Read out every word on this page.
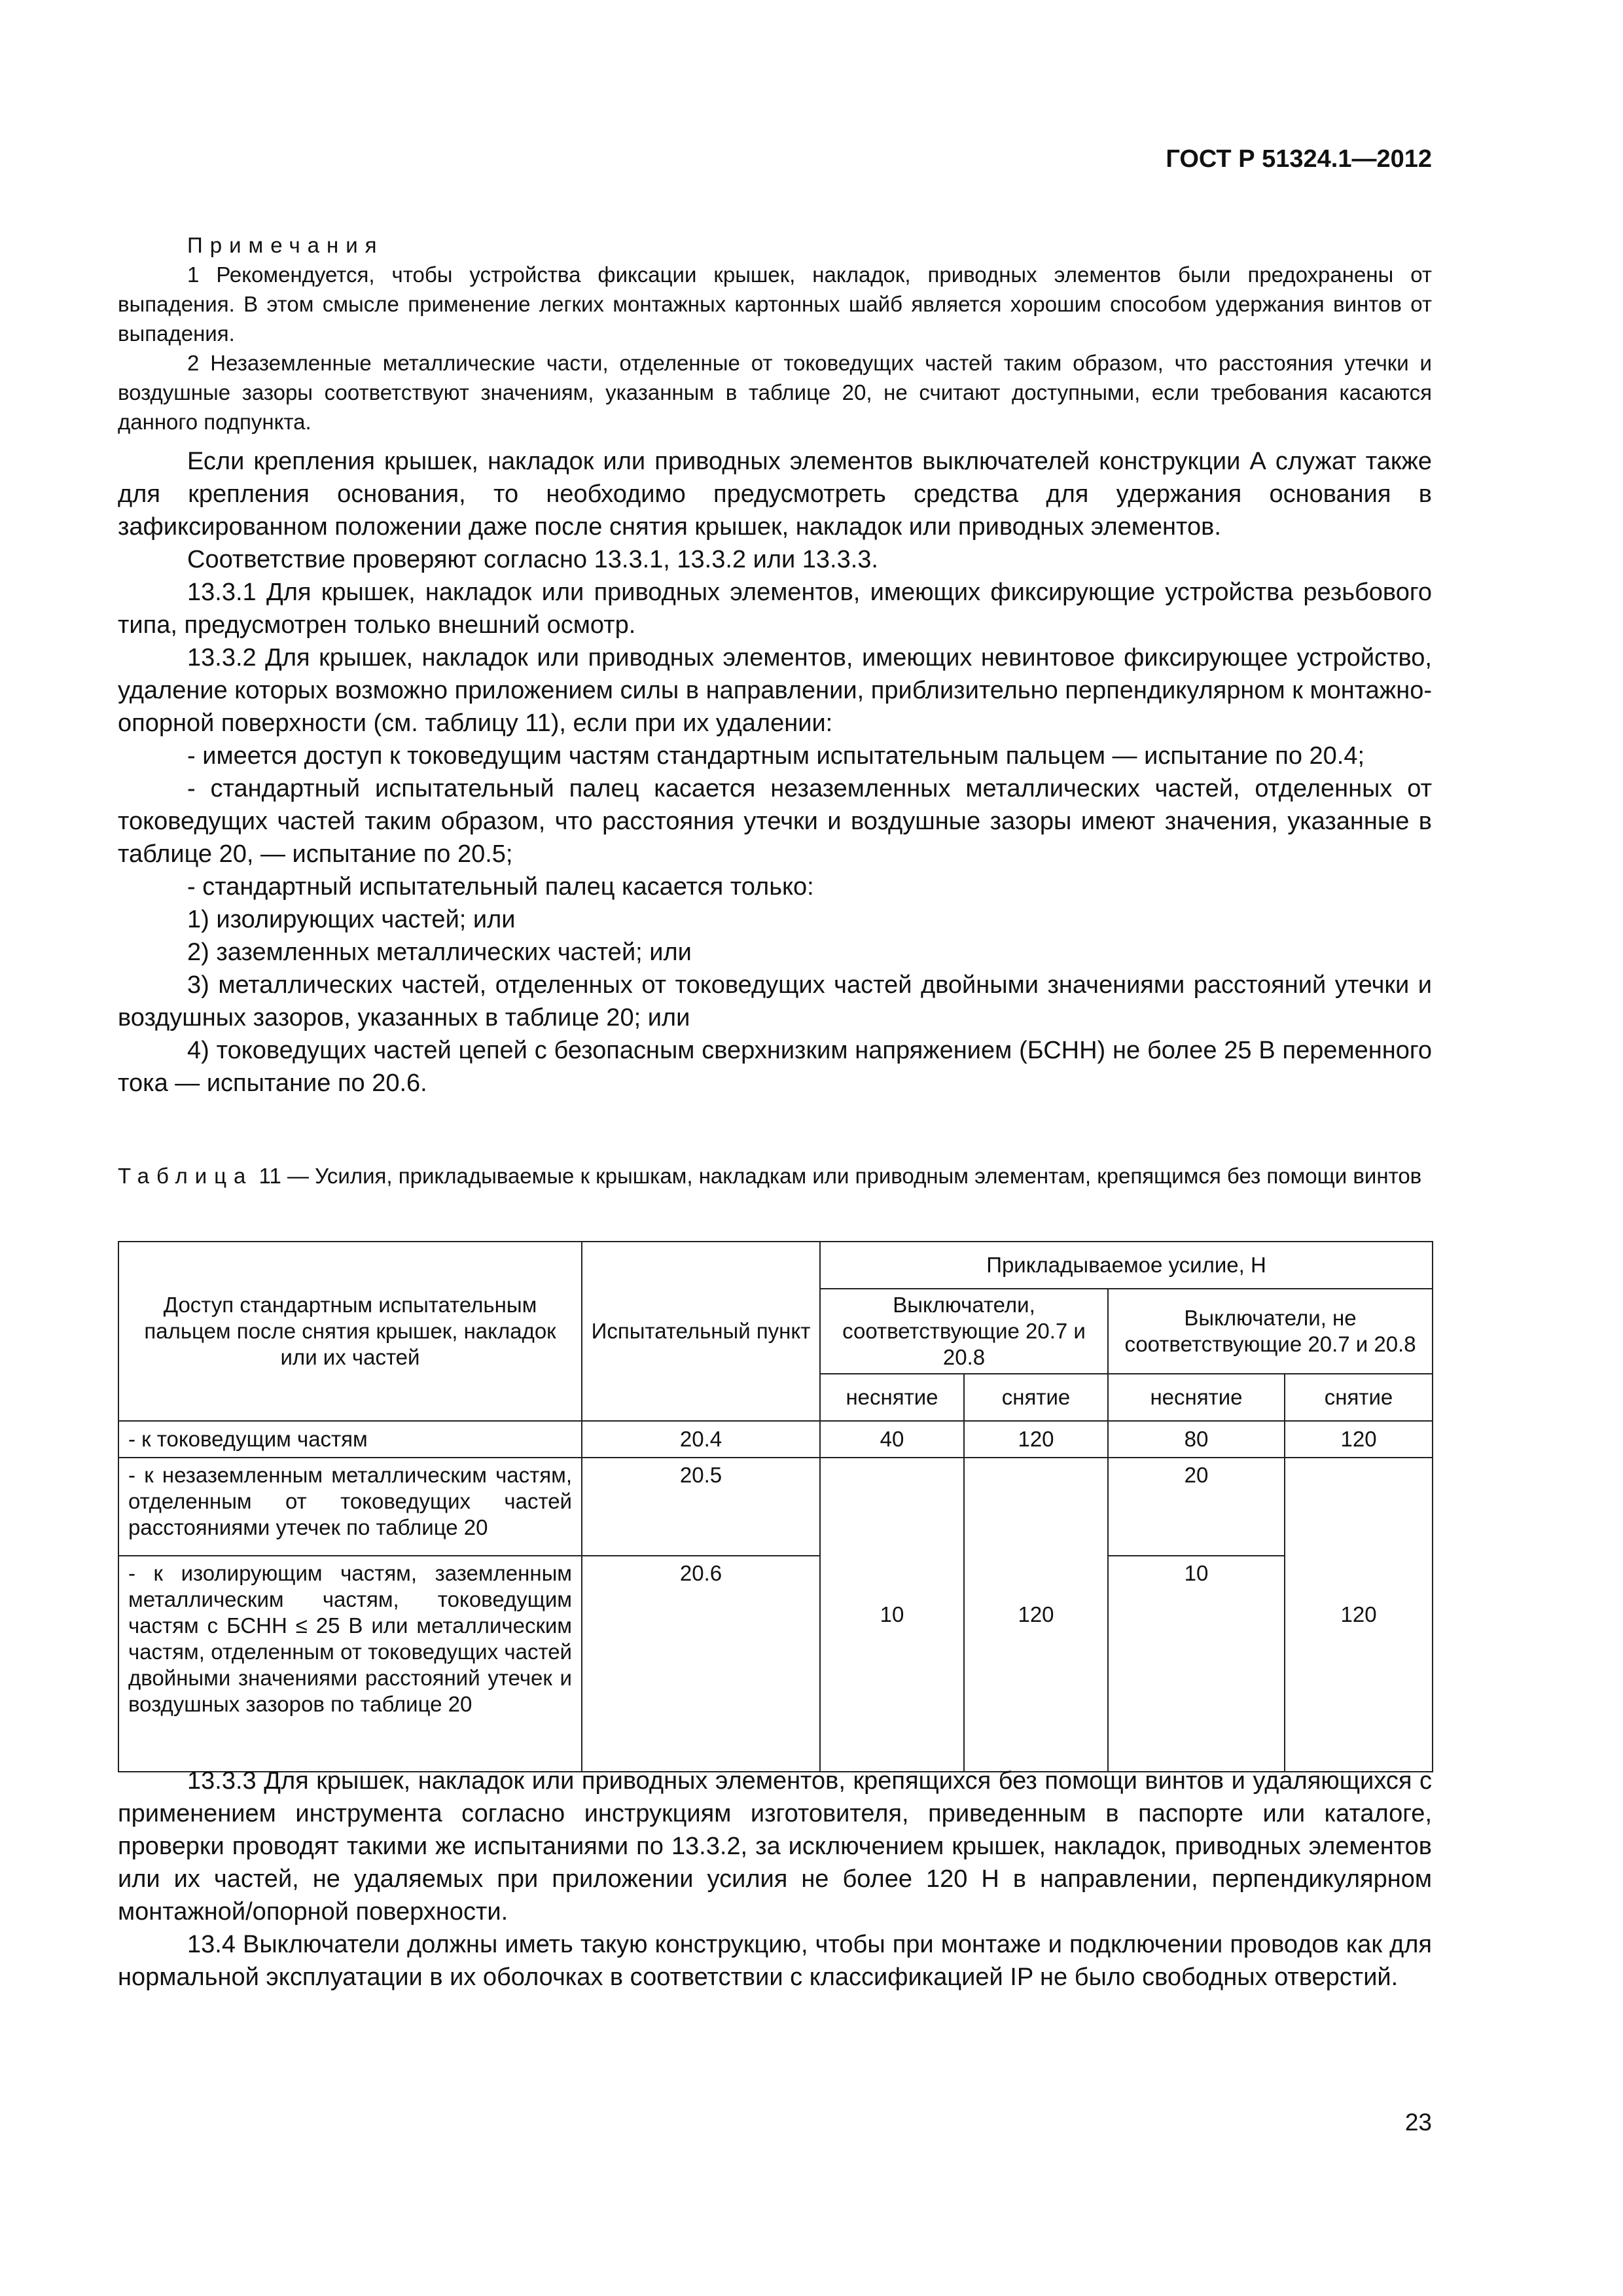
ГОСТ Р 51324.1—2012
Примечания

1 Рекомендуется, чтобы устройства фиксации крышек, накладок, приводных элементов были предохранены от выпадения. В этом смысле применение легких монтажных картонных шайб является хорошим способом удержания винтов от выпадения.

2 Незаземленные металлические части, отделенные от токоведущих частей таким образом, что расстояния утечки и воздушные зазоры соответствуют значениям, указанным в таблице 20, не считают доступными, если требования касаются данного подпункта.

Если крепления крышек, накладок или приводных элементов выключателей конструкции А служат также для крепления основания, то необходимо предусмотреть средства для удержания основания в зафиксированном положении даже после снятия крышек, накладок или приводных элементов.

Соответствие проверяют согласно 13.3.1, 13.3.2 или 13.3.3.

13.3.1 Для крышек, накладок или приводных элементов, имеющих фиксирующие устройства резьбового типа, предусмотрен только внешний осмотр.

13.3.2 Для крышек, накладок или приводных элементов, имеющих невинтовое фиксирующее устройство, удаление которых возможно приложением силы в направлении, приблизительно перпендикулярном к монтажно-опорной поверхности (см. таблицу 11), если при их удалении:

- имеется доступ к токоведущим частям стандартным испытательным пальцем — испытание по 20.4;

- стандартный испытательный палец касается незаземленных металлических частей, отделенных от токоведущих частей таким образом, что расстояния утечки и воздушные зазоры имеют значения, указанные в таблице 20, — испытание по 20.5;

- стандартный испытательный палец касается только:

1) изолирующих частей; или

2) заземленных металлических частей; или

3) металлических частей, отделенных от токоведущих частей двойными значениями расстояний утечки и воздушных зазоров, указанных в таблице 20; или

4) токоведущих частей цепей с безопасным сверхнизким напряжением (БСНН) не более 25 В переменного тока — испытание по 20.6.

Таблица 11 — Усилия, прикладываемые к крышкам, накладкам или приводным элементам, крепящимся без помощи винтов
Доступ стандартным испытательным пальцем после снятия крышек, накладок или их частей	Испытательный пункт	Прикладываемое усилие, Н			
		Выключатели, соответствующие 20.7 и 20.8		Выключатели, не соответствующие 20.7 и 20.8	
		неснятие	снятие	неснятие	снятие
- к токоведущим частям	20.4	40	120	80	120
- к незаземленным металлическим частям, отделенным от токоведущих частей расстояниями утечек по таблице 20	20.5	10	120	20	120
- к изолирующим частям, заземленным металлическим частям, токоведущим частям с БСНН ≤ 25 В или металлическим частям, отделенным от токоведущих частей двойными значениями расстояний утечек и воздушных зазоров по таблице 20	20.6			10	

13.3.3 Для крышек, накладок или приводных элементов, крепящихся без помощи винтов и удаляющихся с применением инструмента согласно инструкциям изготовителя, приведенным в паспорте или каталоге, проверки проводят такими же испытаниями по 13.3.2, за исключением крышек, накладок, приводных элементов или их частей, не удаляемых при приложении усилия не более 120 Н в направлении, перпендикулярном монтажной/опорной поверхности.

13.4 Выключатели должны иметь такую конструкцию, чтобы при монтаже и подключении проводов как для нормальной эксплуатации в их оболочках в соответствии с классификацией IP не было свободных отверстий.

23
